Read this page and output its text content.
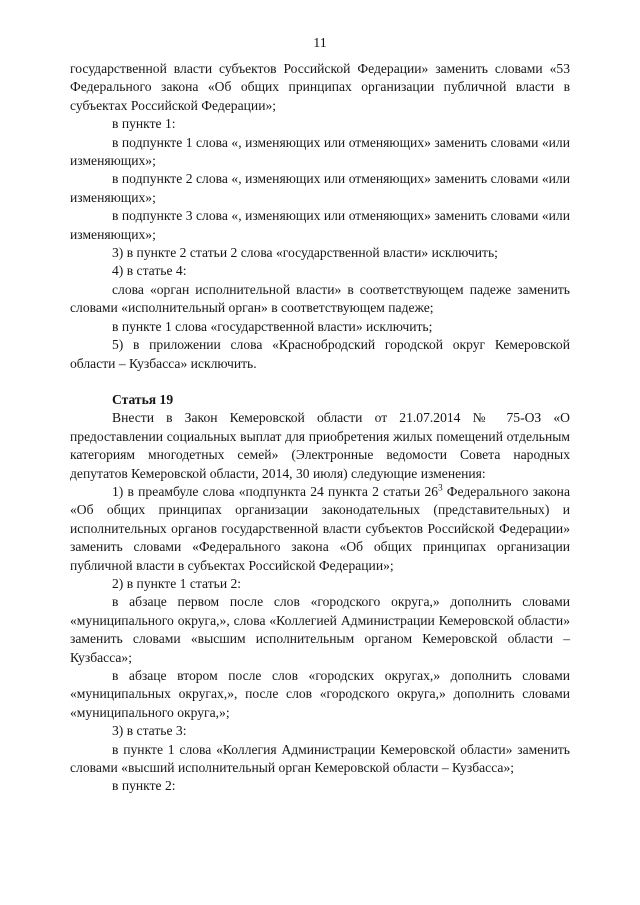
11

государственной власти субъектов Российской Федерации» заменить словами «53 Федерального закона «Об общих принципах организации публичной власти в субъектах Российской Федерации»;

в пункте 1:

в подпункте 1 слова «, изменяющих или отменяющих» заменить словами «или изменяющих»;

в подпункте 2 слова «, изменяющих или отменяющих» заменить словами «или изменяющих»;

в подпункте 3 слова «, изменяющих или отменяющих» заменить словами «или изменяющих»;

3) в пункте 2 статьи 2 слова «государственной власти» исключить;

4) в статье 4:

слова «орган исполнительной власти» в соответствующем падеже заменить словами «исполнительный орган» в соответствующем падеже;

в пункте 1 слова «государственной власти» исключить;

5) в приложении слова «Краснобродский городской округ Кемеровской области – Кузбасса» исключить.

Статья 19

Внести в Закон Кемеровской области от 21.07.2014 № 75-ОЗ «О предоставлении социальных выплат для приобретения жилых помещений отдельным категориям многодетных семей» (Электронные ведомости Совета народных депутатов Кемеровской области, 2014, 30 июля) следующие изменения:

1) в преамбуле слова «подпункта 24 пункта 2 статьи $26^3$ Федерального закона «Об общих принципах организации законодательных (представительных) и исполнительных органов государственной власти субъектов Российской Федерации» заменить словами «Федерального закона «Об общих принципах организации публичной власти в субъектах Российской Федерации»;

2) в пункте 1 статьи 2:

в абзаце первом после слов «городского округа,» дополнить словами «муниципального округа,», слова «Коллегией Администрации Кемеровской области» заменить словами «высшим исполнительным органом Кемеровской области – Кузбасса»;

в абзаце втором после слов «городских округах,» дополнить словами «муниципальных округах,», после слов «городского округа,» дополнить словами «муниципального округа,»;

3) в статье 3:

в пункте 1 слова «Коллегия Администрации Кемеровской области» заменить словами «высший исполнительный орган Кемеровской области – Кузбасса»;

в пункте 2:
